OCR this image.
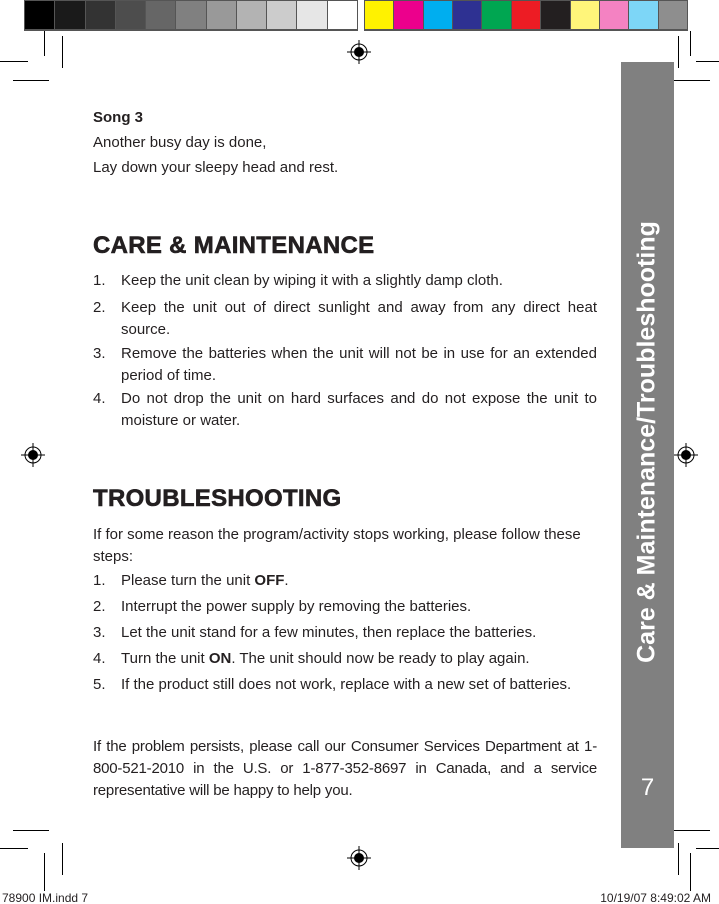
Song 3
Another busy day is done,
Lay down your sleepy head and rest.
CARE & MAINTENANCE
1. Keep the unit clean by wiping it with a slightly damp cloth.
2. Keep the unit out of direct sunlight and away from any direct heat source.
3. Remove the batteries when the unit will not be in use for an extended period of time.
4. Do not drop the unit on hard surfaces and do not expose the unit to moisture or water.
TROUBLESHOOTING
If for some reason the program/activity stops working, please follow these steps:
1. Please turn the unit OFF.
2. Interrupt the power supply by removing the batteries.
3. Let the unit stand for a few minutes, then replace the batteries.
4. Turn the unit ON. The unit should now be ready to play again.
5. If the product still does not work, replace with a new set of batteries.
If the problem persists, please call our Consumer Services Department at 1-800-521-2010 in the U.S. or 1-877-352-8697 in Canada, and a service representative will be happy to help you.
Care & Maintenance/Troubleshooting
7
78900 IM.indd 7	10/19/07 8:49:02 AM
